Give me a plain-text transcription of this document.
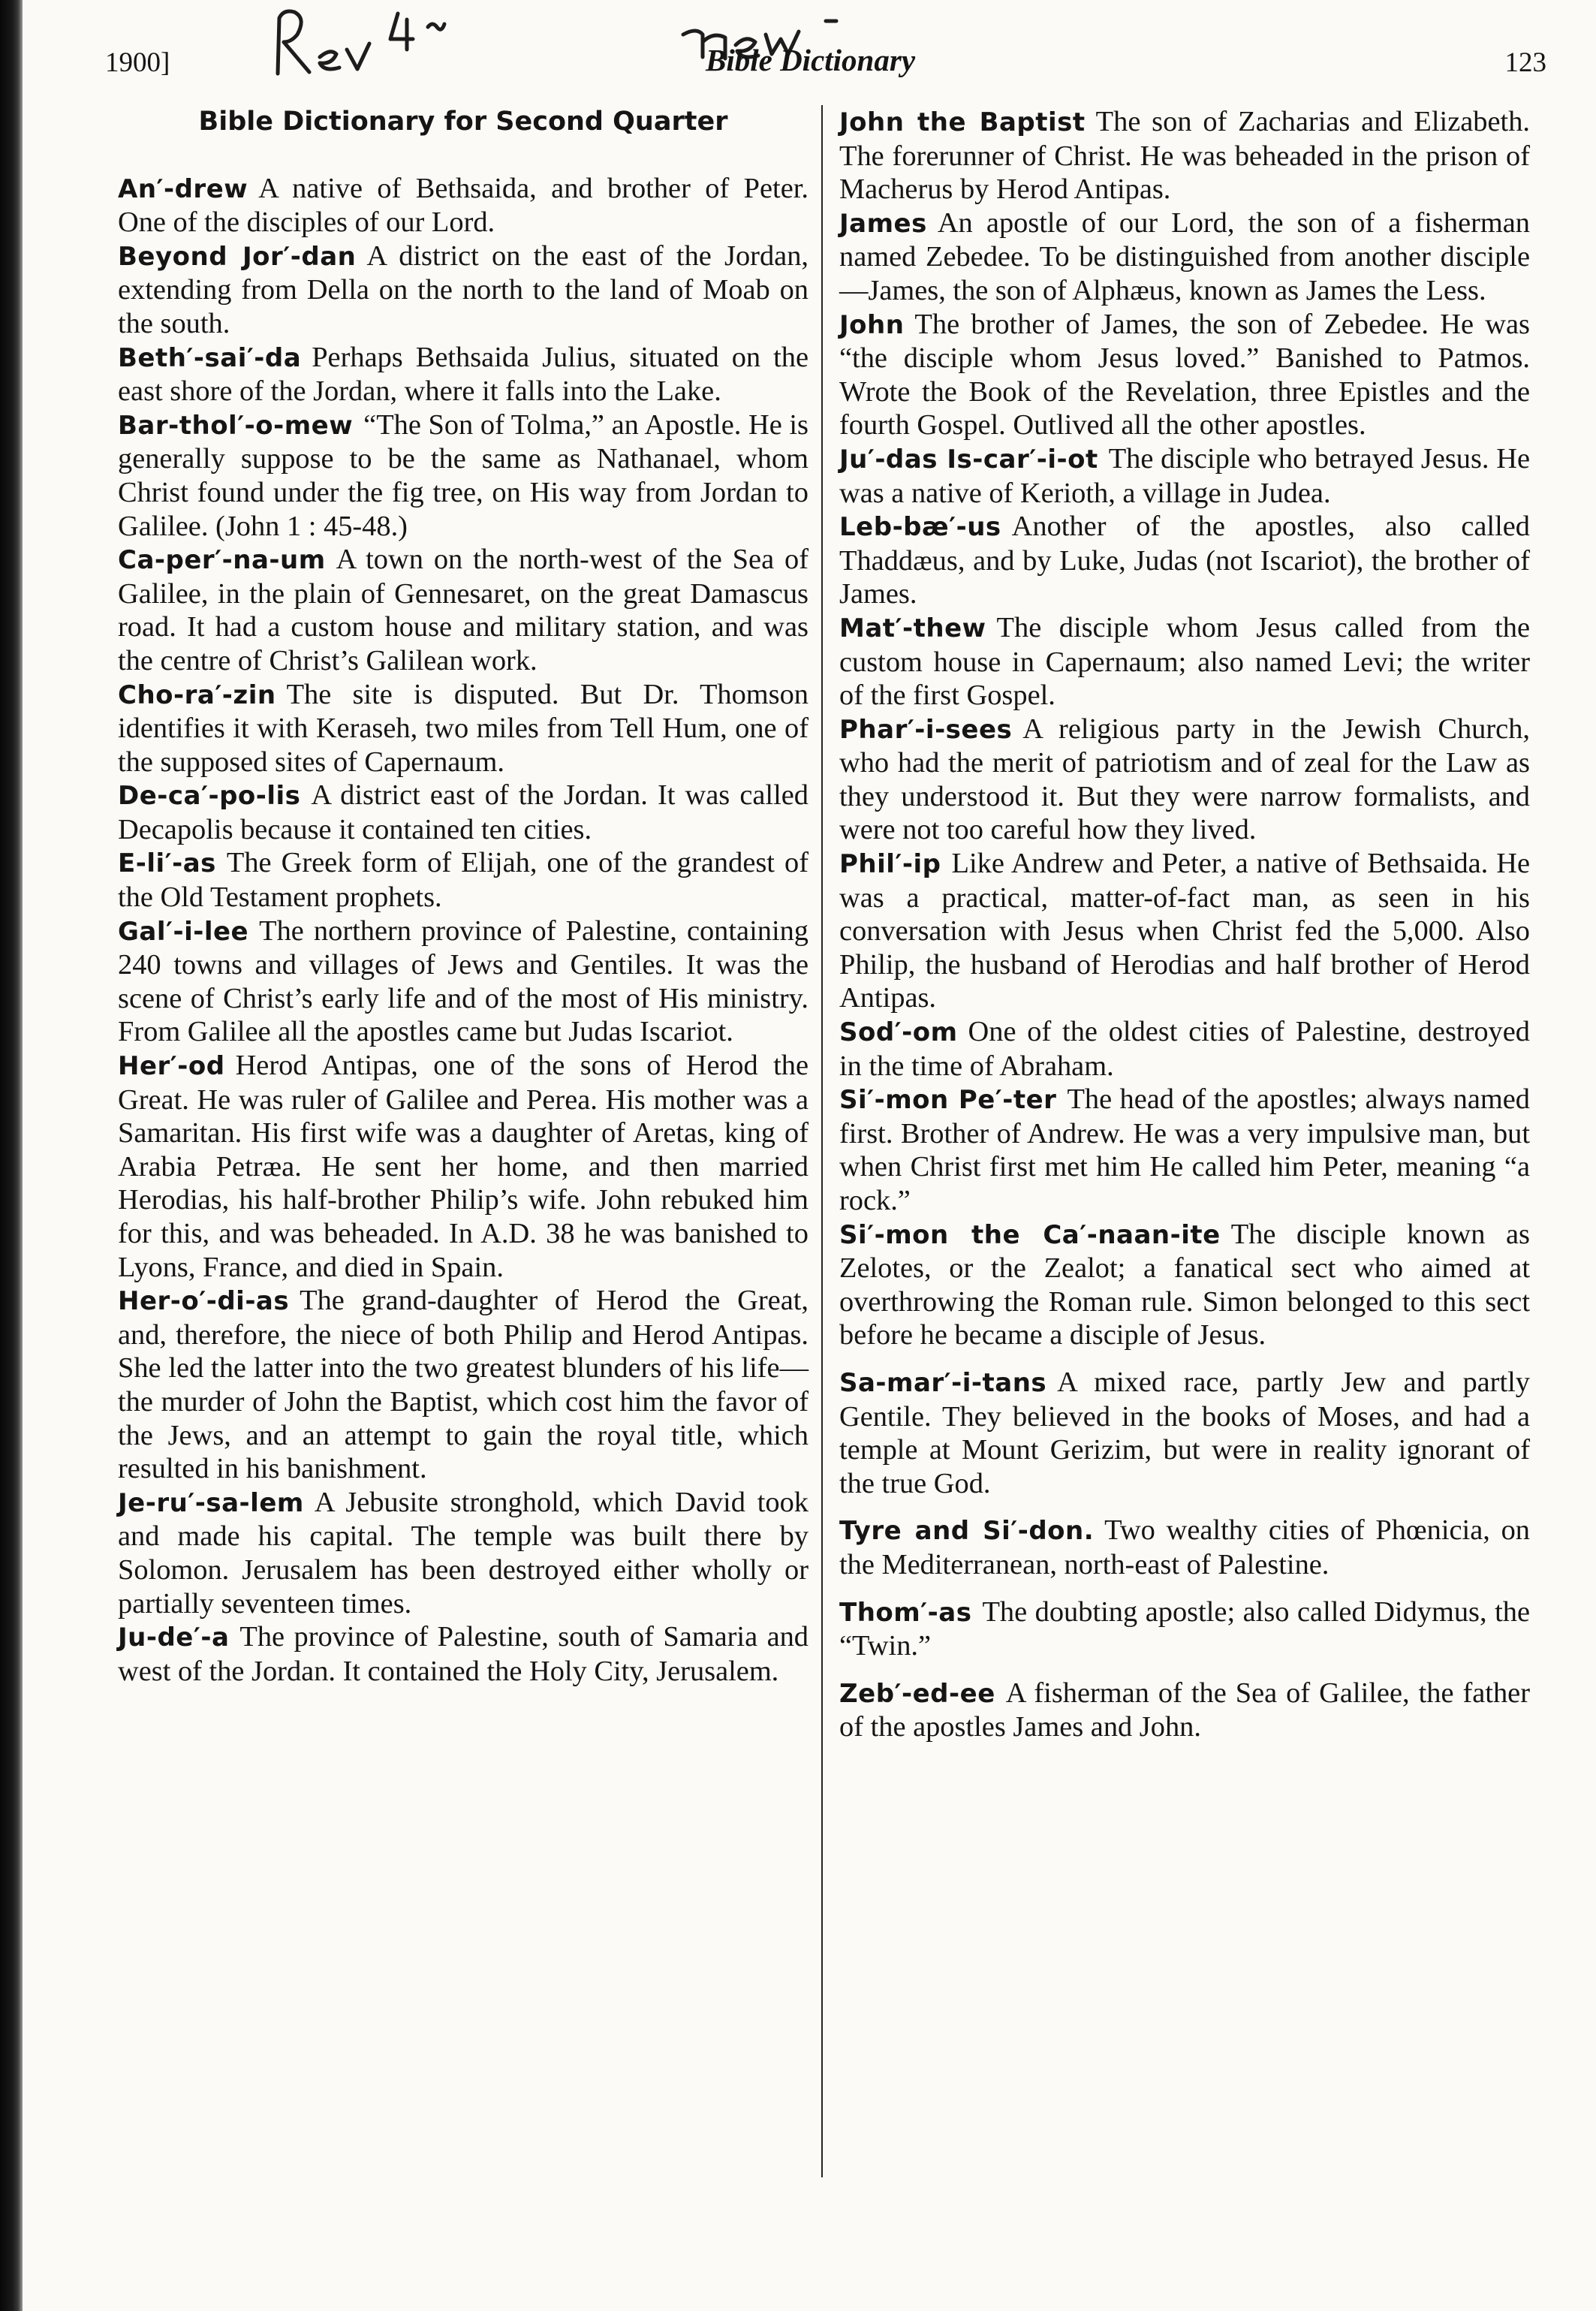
1900]	Bible Dictionary	123

Bible Dictionary for Second Quarter

An′-drew A native of Bethsaida, and brother of Peter. One of the disciples of our Lord.

Beyond Jor′-dan A district on the east of the Jordan, extending from Della on the north to the land of Moab on the south.

Beth′-sai′-da Perhaps Bethsaida Julius, situated on the east shore of the Jordan, where it falls into the Lake.

Bar-thol′-o-mew “The Son of Tolma,” an Apostle. He is generally suppose to be the same as Nathanael, whom Christ found under the fig tree, on His way from Jordan to Galilee. (John 1 : 45-48.)

Ca-per′-na-um A town on the north-west of the Sea of Galilee, in the plain of Gennesaret, on the great Damascus road. It had a custom house and military station, and was the centre of Christ’s Galilean work.

Cho-ra′-zin The site is disputed. But Dr. Thomson identifies it with Keraseh, two miles from Tell Hum, one of the supposed sites of Capernaum.

De-ca′-po-lis A district east of the Jordan. It was called Decapolis because it contained ten cities.

E-li′-as The Greek form of Elijah, one of the grandest of the Old Testament prophets.

Gal′-i-lee The northern province of Palestine, containing 240 towns and villages of Jews and Gentiles. It was the scene of Christ’s early life and of the most of His ministry. From Galilee all the apostles came but Judas Iscariot.

Her′-od Herod Antipas, one of the sons of Herod the Great. He was ruler of Galilee and Perea. His mother was a Samaritan. His first wife was a daughter of Aretas, king of Arabia Petræa. He sent her home, and then married Herodias, his half-brother Philip’s wife. John rebuked him for this, and was beheaded. In A.D. 38 he was banished to Lyons, France, and died in Spain.

Her-o′-di-as The grand-daughter of Herod the Great, and, therefore, the niece of both Philip and Herod Antipas. She led the latter into the two greatest blunders of his life—the murder of John the Baptist, which cost him the favor of the Jews, and an attempt to gain the royal title, which resulted in his banishment.

Je-ru′-sa-lem A Jebusite stronghold, which David took and made his capital. The temple was built there by Solomon. Jerusalem has been destroyed either wholly or partially seventeen times.

Ju-de′-a The province of Palestine, south of Samaria and west of the Jordan. It contained the Holy City, Jerusalem.

John the Baptist The son of Zacharias and Elizabeth. The forerunner of Christ. He was beheaded in the prison of Macherus by Herod Antipas.

James An apostle of our Lord, the son of a fisherman named Zebedee. To be distinguished from another disciple—James, the son of Alphæus, known as James the Less.

John The brother of James, the son of Zebedee. He was “the disciple whom Jesus loved.” Banished to Patmos. Wrote the Book of the Revelation, three Epistles and the fourth Gospel. Outlived all the other apostles.

Ju′-das Is-car′-i-ot The disciple who betrayed Jesus. He was a native of Kerioth, a village in Judea.

Leb-bæ′-us Another of the apostles, also called Thaddæus, and by Luke, Judas (not Iscariot), the brother of James.

Mat′-thew The disciple whom Jesus called from the custom house in Capernaum; also named Levi; the writer of the first Gospel.

Phar′-i-sees A religious party in the Jewish Church, who had the merit of patriotism and of zeal for the Law as they understood it. But they were narrow formalists, and were not too careful how they lived.

Phil′-ip Like Andrew and Peter, a native of Bethsaida. He was a practical, matter-of-fact man, as seen in his conversation with Jesus when Christ fed the 5,000. Also Philip, the husband of Herodias and half brother of Herod Antipas.

Sod′-om One of the oldest cities of Palestine, destroyed in the time of Abraham.

Si′-mon Pe′-ter The head of the apostles; always named first. Brother of Andrew. He was a very impulsive man, but when Christ first met him He called him Peter, meaning “a rock.”

Si′-mon the Ca′-naan-ite The disciple known as Zelotes, or the Zealot; a fanatical sect who aimed at overthrowing the Roman rule. Simon belonged to this sect before he became a disciple of Jesus.

Sa-mar′-i-tans A mixed race, partly Jew and partly Gentile. They believed in the books of Moses, and had a temple at Mount Gerizim, but were in reality ignorant of the true God.

Tyre and Si′-don. Two wealthy cities of Phœnicia, on the Mediterranean, north-east of Palestine.

Thom′-as The doubting apostle; also called Didymus, the “Twin.”

Zeb′-ed-ee A fisherman of the Sea of Galilee, the father of the apostles James and John.
